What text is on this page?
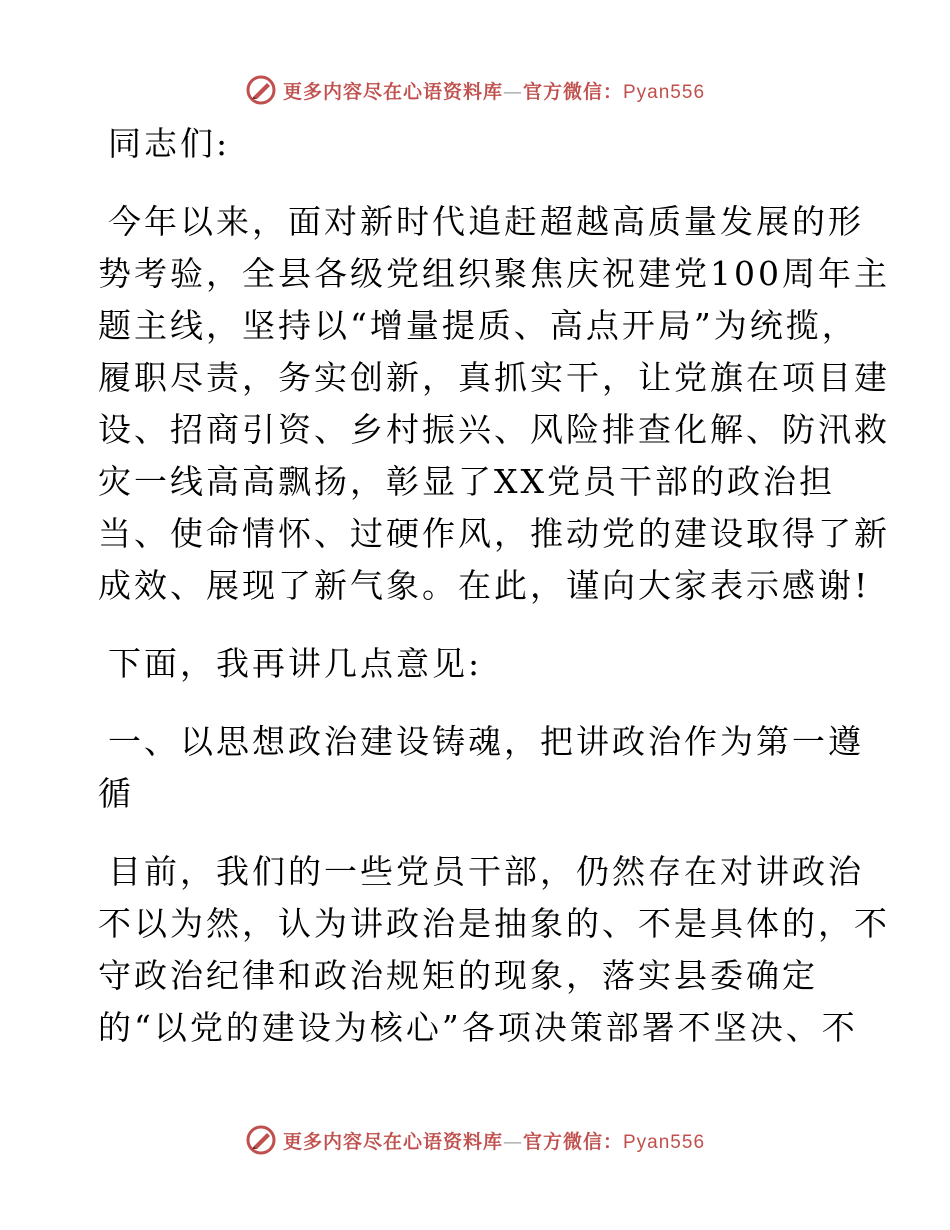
更多内容尽在心语资料库—官方微信：Pyan556
同志们:
今年以来，面对新时代追赶超越高质量发展的形
势考验，全县各级党组织聚焦庆祝建党100周年主
题主线，坚持以“增量提质、高点开局”为统揽，
履职尽责，务实创新，真抓实干，让党旗在项目建
设、招商引资、乡村振兴、风险排查化解、防汛救
灾一线高高飘扬，彰显了XX党员干部的政治担
当、使命情怀、过硬作风，推动党的建设取得了新
成效、展现了新气象。在此，谨向大家表示感谢!
下面，我再讲几点意见:
一、以思想政治建设铸魂，把讲政治作为第一遵
循
目前，我们的一些党员干部，仍然存在对讲政治
不以为然，认为讲政治是抽象的、不是具体的，不
守政治纪律和政治规矩的现象，落实县委确定
的“以党的建设为核心”各项决策部署不坚决、不
更多内容尽在心语资料库—官方微信：Pyan556
